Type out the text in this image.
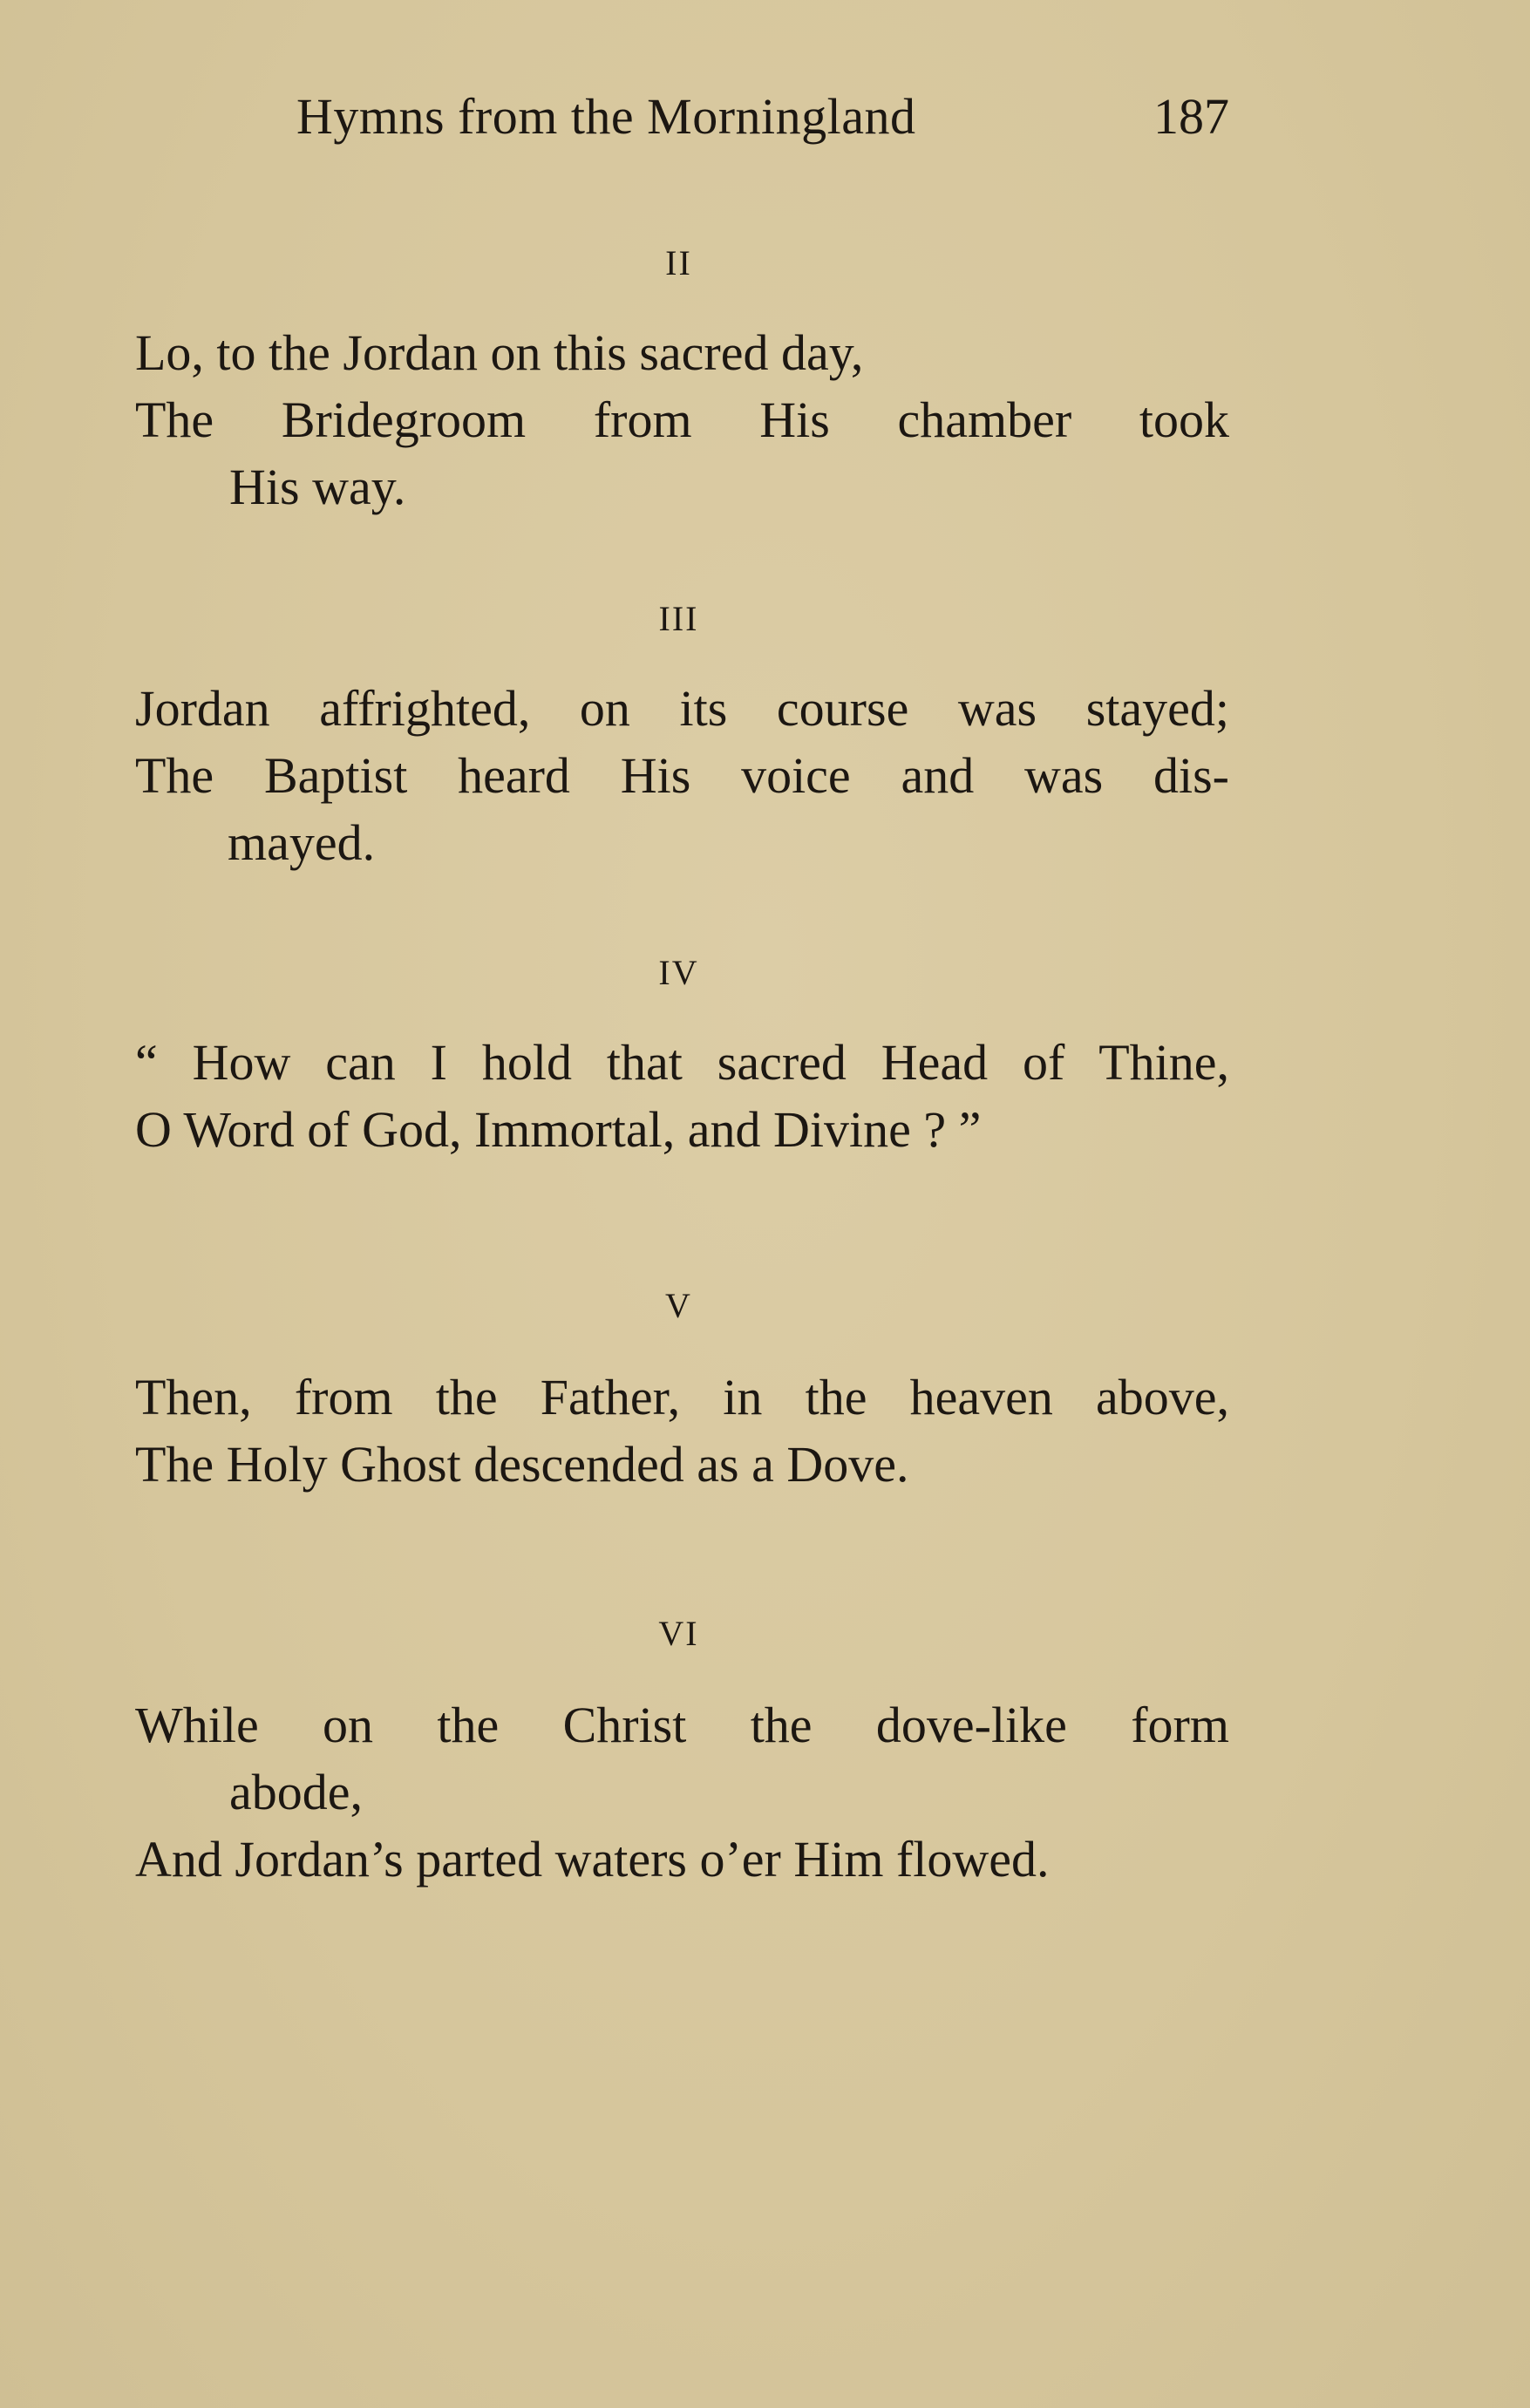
Hymns from the Morningland	187
II
Lo, to the Jordan on this sacred day,
The Bridegroom from His chamber took
His way.
III
Jordan affrighted, on its course was stayed;
The Baptist heard His voice and was dis-
mayed.
IV
“ How can I hold that sacred Head of Thine,
O Word of God, Immortal, and Divine ? ”
V
Then, from the Father, in the heaven above,
The Holy Ghost descended as a Dove.
VI
While on the Christ the dove-like form
abode,
And Jordan’s parted waters o’er Him flowed.
